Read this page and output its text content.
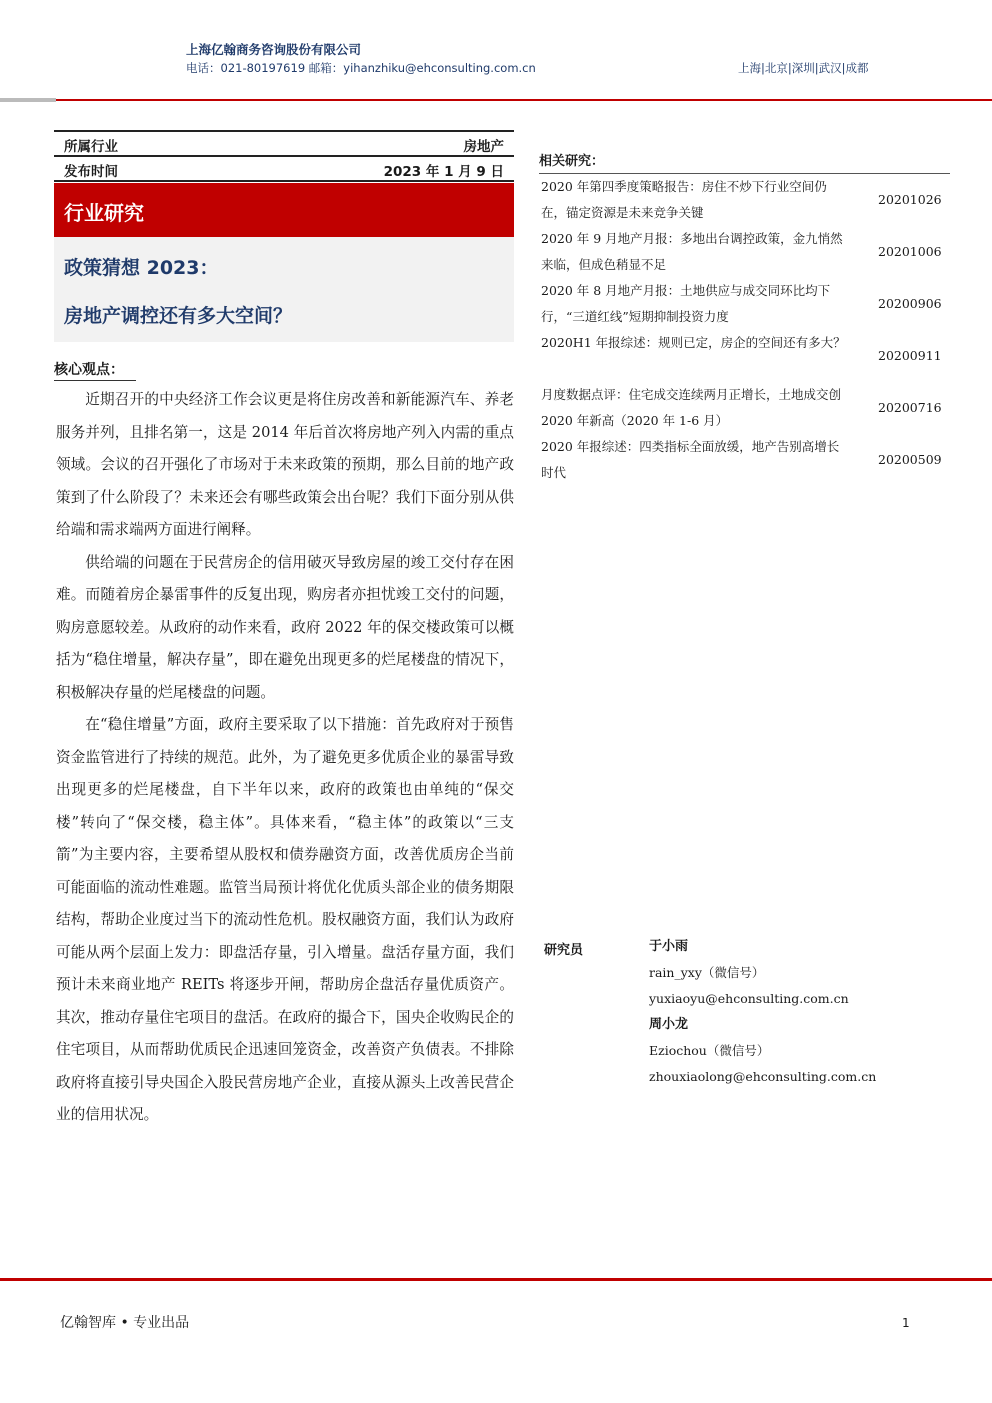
上海亿翰商务咨询股份有限公司
电话：021-80197619 邮箱：yihanzhiku@ehconsulting.com.cn	上海|北京|深圳|武汉|成都
所属行业	房地产
发布时间	2023 年 1 月 9 日
行业研究
政策猜想 2023：
房地产调控还有多大空间？
核心观点：

近期召开的中央经济工作会议更是将住房改善和新能源汽车、养老服务并列，且排名第一，这是 2014 年后首次将房地产列入内需的重点领域。会议的召开强化了市场对于未来政策的预期，那么目前的地产政策到了什么阶段了？未来还会有哪些政策会出台呢？我们下面分别从供给端和需求端两方面进行阐释。

供给端的问题在于民营房企的信用破灭导致房屋的竣工交付存在困难。而随着房企暴雷事件的反复出现，购房者亦担忧竣工交付的问题，购房意愿较差。从政府的动作来看，政府 2022 年的保交楼政策可以概括为“稳住增量，解决存量”，即在避免出现更多的烂尾楼盘的情况下，积极解决存量的烂尾楼盘的问题。

在“稳住增量”方面，政府主要采取了以下措施：首先政府对于预售资金监管进行了持续的规范。此外，为了避免更多优质企业的暴雷导致出现更多的烂尾楼盘，自下半年以来，政府的政策也由单纯的“保交楼”转向了“保交楼，稳主体”。具体来看，“稳主体”的政策以“三支箭”为主要内容，主要希望从股权和债券融资方面，改善优质房企当前可能面临的流动性难题。监管当局预计将优化优质头部企业的债务期限结构，帮助企业度过当下的流动性危机。股权融资方面，我们认为政府可能从两个层面上发力：即盘活存量，引入增量。盘活存量方面，我们预计未来商业地产 REITs 将逐步开闸，帮助房企盘活存量优质资产。其次，推动存量住宅项目的盘活。在政府的撮合下，国央企收购民企的住宅项目，从而帮助优质民企迅速回笼资金，改善资产负债表。不排除政府将直接引导央国企入股民营房地产企业，直接从源头上改善民营企业的信用状况。

相关研究：
2020 年第四季度策略报告：房住不炒下行业空间仍在，锚定资源是未来竞争关键
20201026
2020 年 9 月地产月报：多地出台调控政策，金九悄然来临，但成色稍显不足
20201006
2020 年 8 月地产月报：土地供应与成交同环比均下行，“三道红线”短期抑制投资力度
20200906
2020H1 年报综述：规则已定，房企的空间还有多大？
20200911
月度数据点评：住宅成交连续两月正增长，土地成交创 2020 年新高（2020 年 1-6 月）
20200716
2020 年报综述：四类指标全面放缓，地产告别高增长时代
20200509
研究员	于小雨
rain_yxy（微信号）
yuxiaoyu@ehconsulting.com.cn
周小龙
Eziochou（微信号）
zhouxiaolong@ehconsulting.com.cn
亿翰智库 • 专业出品	1
